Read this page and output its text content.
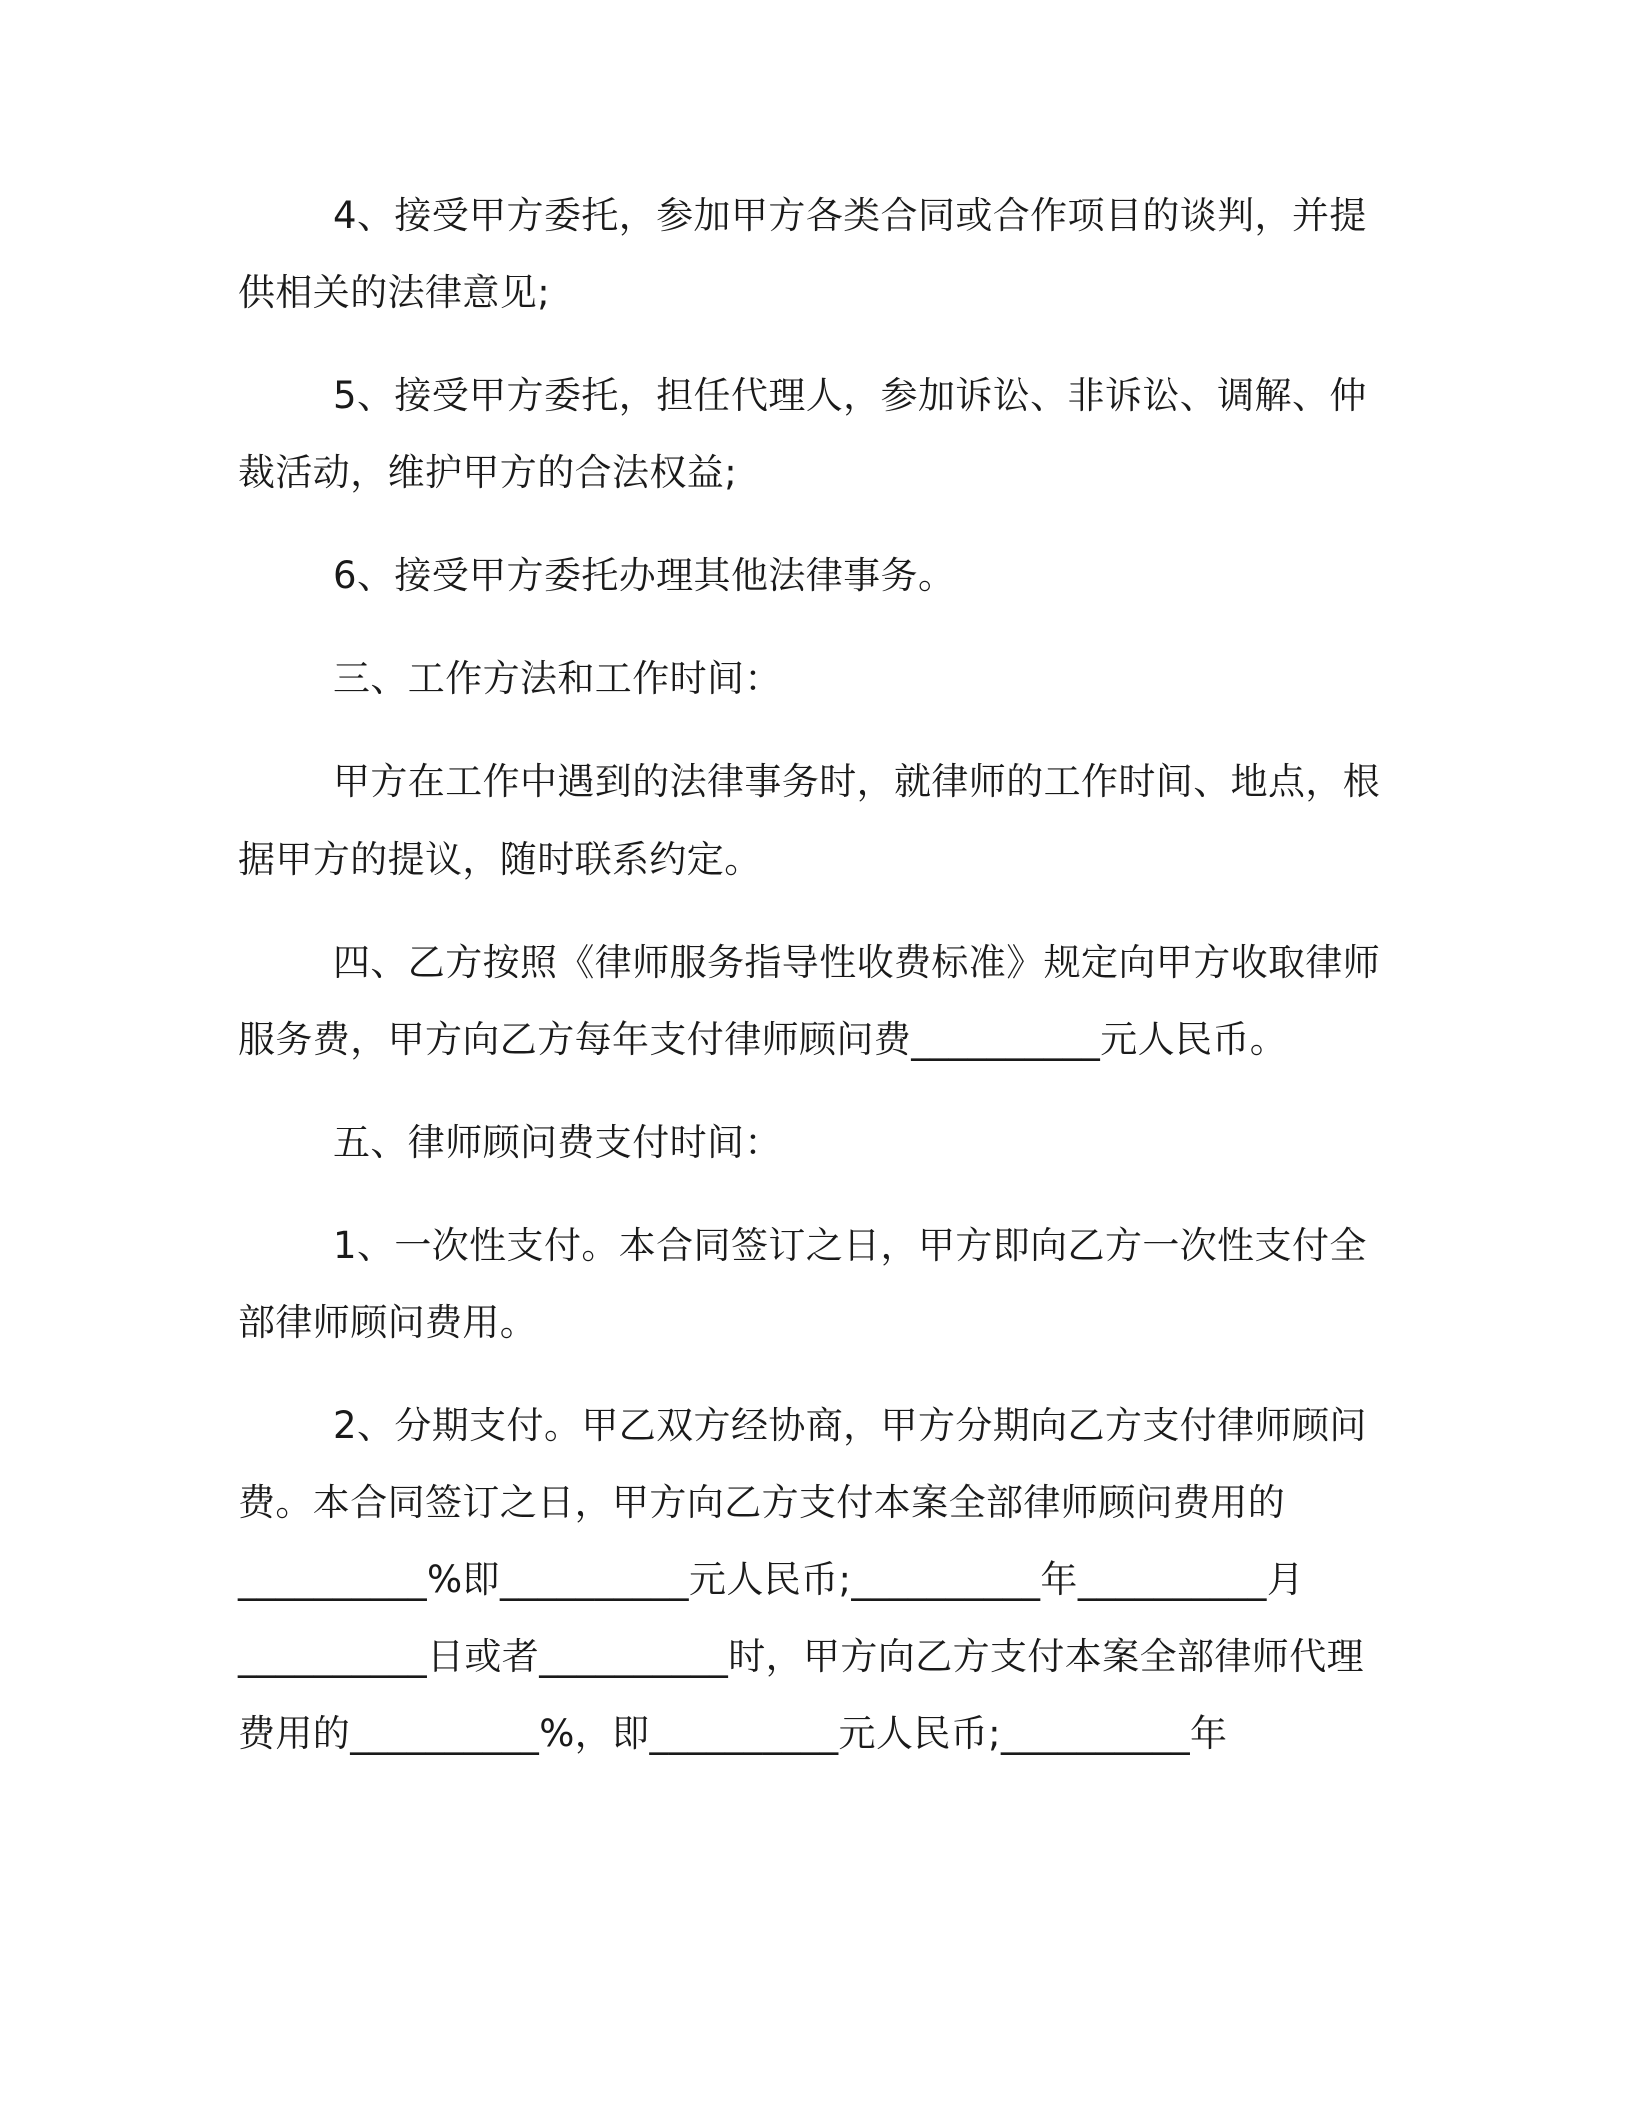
4、接受甲方委托，参加甲方各类合同或合作项目的谈判，并提
供相关的法律意见;
5、接受甲方委托，担任代理人，参加诉讼、非诉讼、调解、仲
裁活动，维护甲方的合法权益;
6、接受甲方委托办理其他法律事务。
三、工作方法和工作时间：
甲方在工作中遇到的法律事务时，就律师的工作时间、地点，根
据甲方的提议，随时联系约定。
四、乙方按照《律师服务指导性收费标准》规定向甲方收取律师
服务费，甲方向乙方每年支付律师顾问费__________元人民币。
五、律师顾问费支付时间：
1、一次性支付。本合同签订之日，甲方即向乙方一次性支付全
部律师顾问费用。
2、分期支付。甲乙双方经协商，甲方分期向乙方支付律师顾问
费。本合同签订之日，甲方向乙方支付本案全部律师顾问费用的
__________%即__________元人民币;__________年__________月
__________日或者__________时，甲方向乙方支付本案全部律师代理
费用的__________%，即__________元人民币;__________年
